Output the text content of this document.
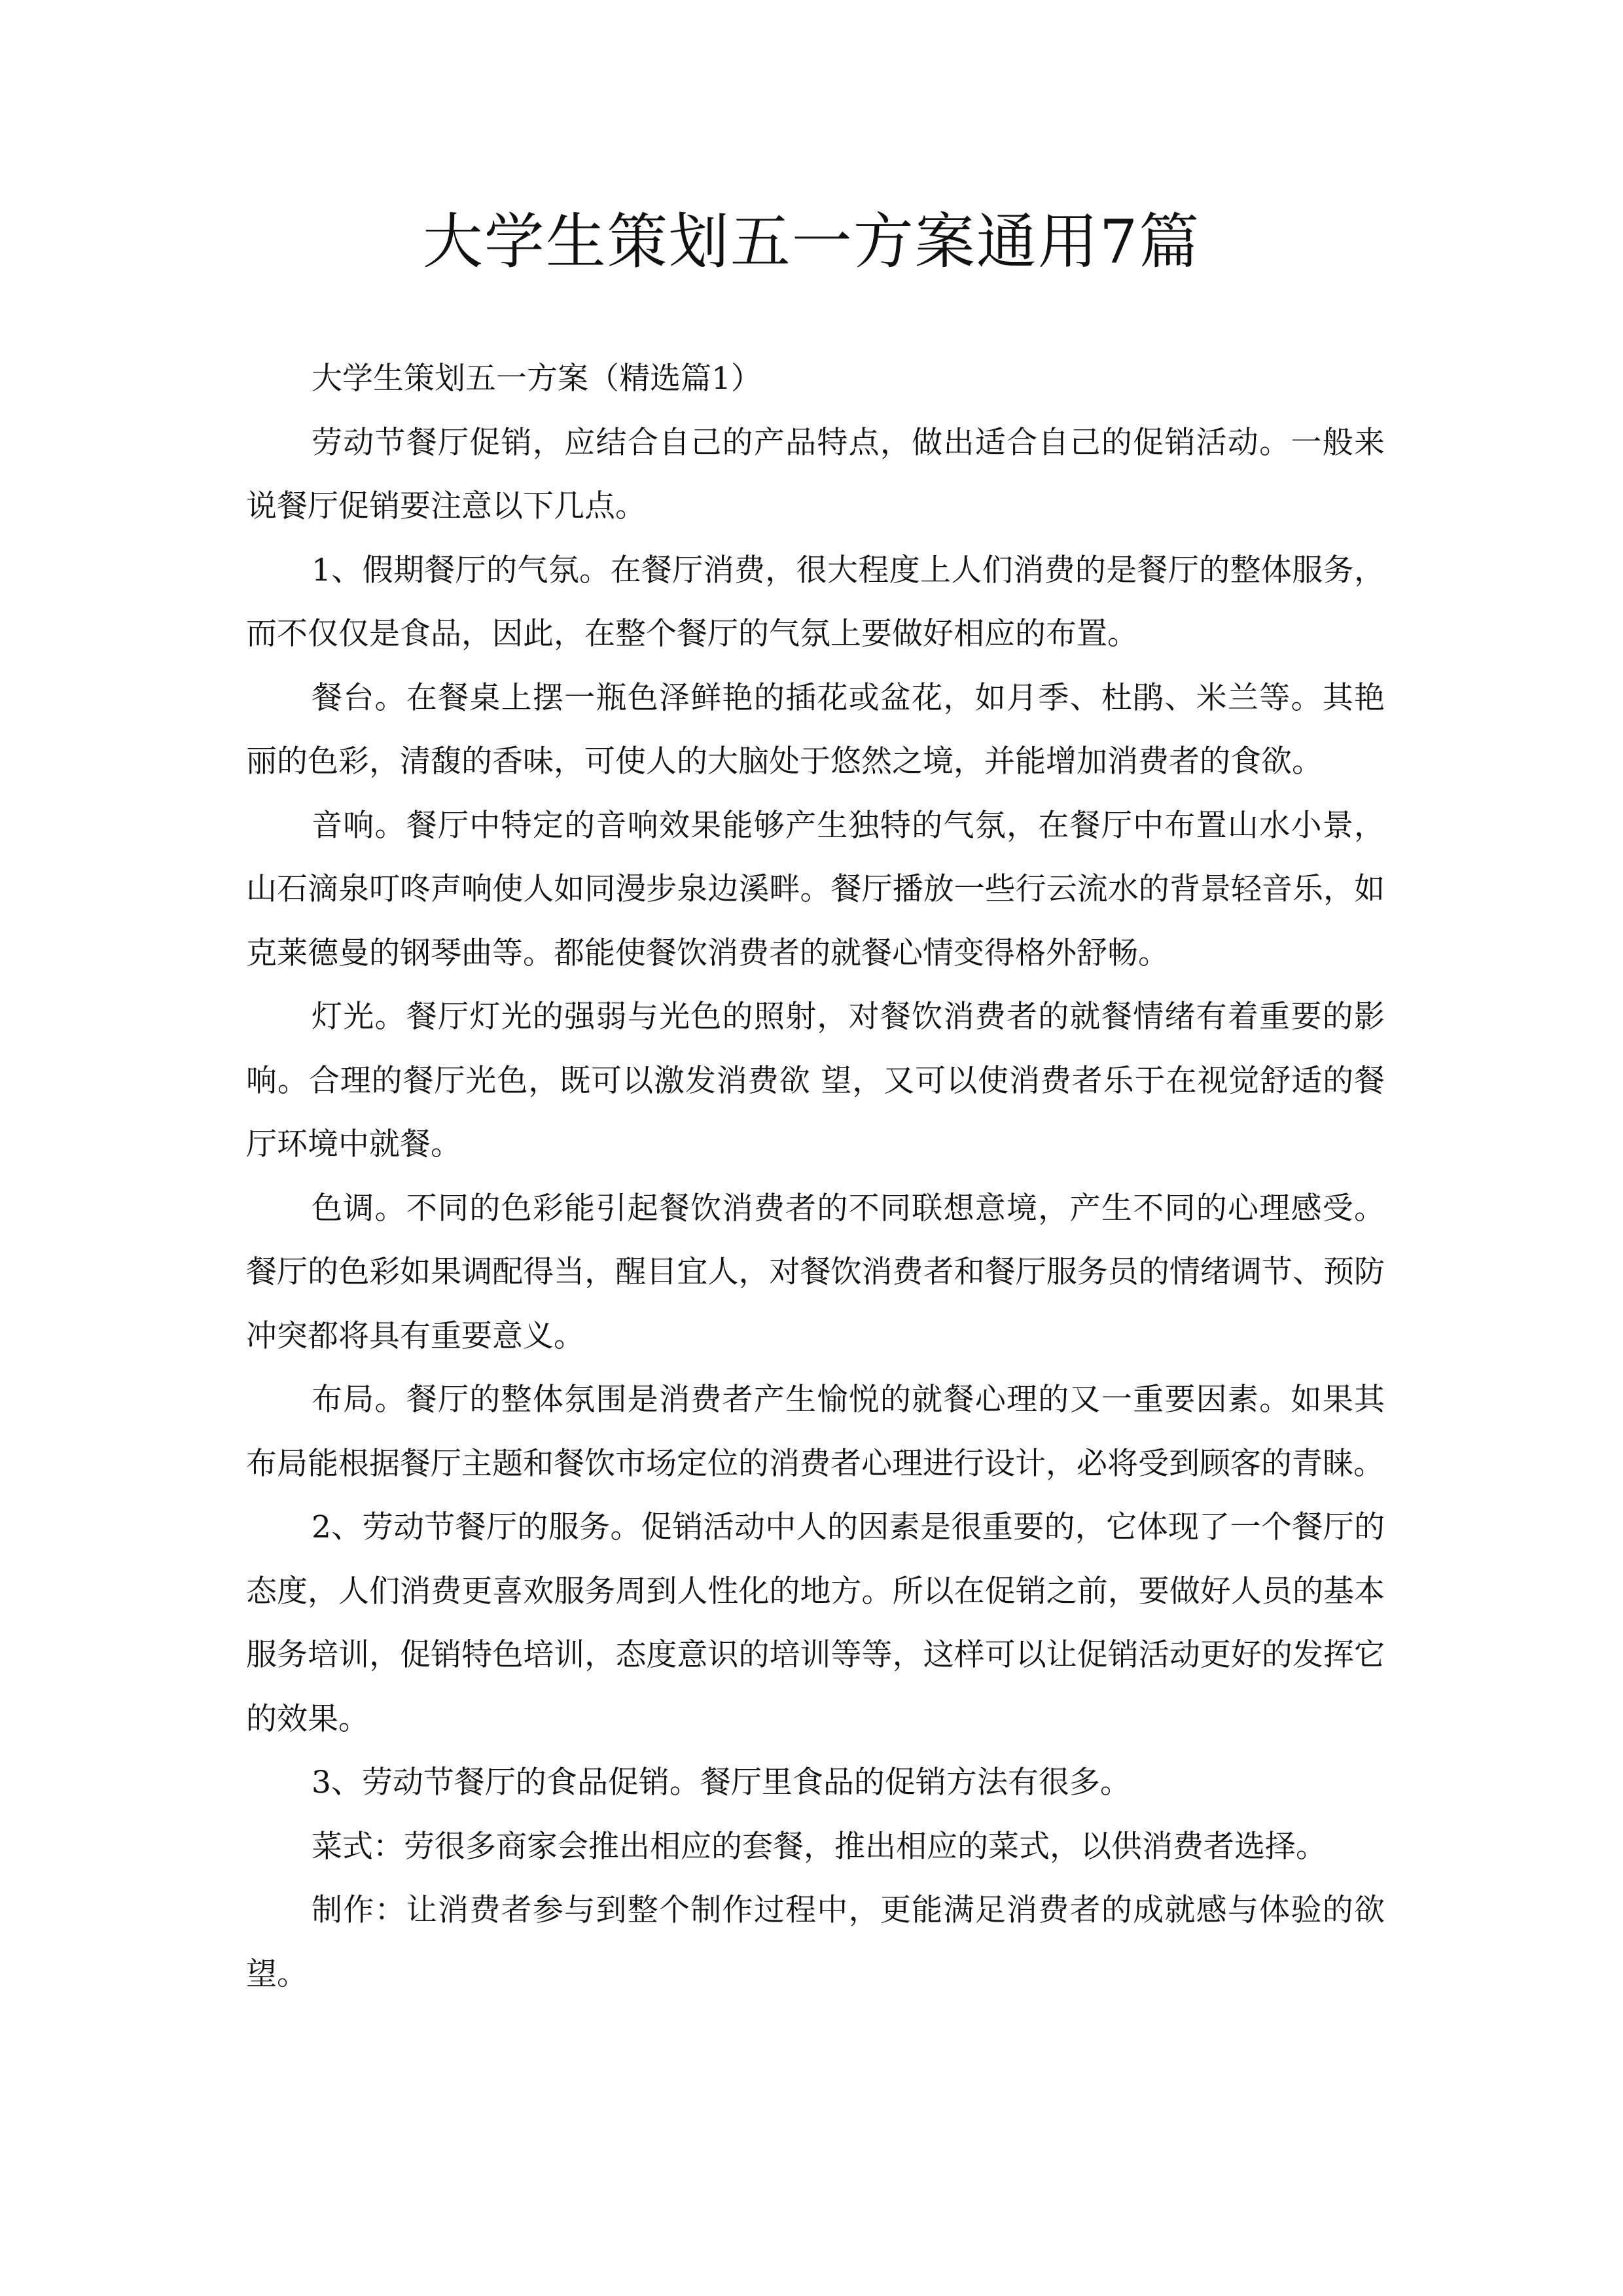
大学生策划五一方案通用7篇

大学生策划五一方案（精选篇1）

劳动节餐厅促销，应结合自己的产品特点，做出适合自己的促销活动。一般来说餐厅促销要注意以下几点。

1、假期餐厅的气氛。在餐厅消费，很大程度上人们消费的是餐厅的整体服务，而不仅仅是食品，因此，在整个餐厅的气氛上要做好相应的布置。

餐台。在餐桌上摆一瓶色泽鲜艳的插花或盆花，如月季、杜鹃、米兰等。其艳丽的色彩，清馥的香味，可使人的大脑处于悠然之境，并能增加消费者的食欲。

音响。餐厅中特定的音响效果能够产生独特的气氛，在餐厅中布置山水小景，山石滴泉叮咚声响使人如同漫步泉边溪畔。餐厅播放一些行云流水的背景轻音乐，如克莱德曼的钢琴曲等。都能使餐饮消费者的就餐心情变得格外舒畅。

灯光。餐厅灯光的强弱与光色的照射，对餐饮消费者的就餐情绪有着重要的影响。合理的餐厅光色，既可以激发消费欲 望，又可以使消费者乐于在视觉舒适的餐厅环境中就餐。

色调。不同的色彩能引起餐饮消费者的不同联想意境，产生不同的心理感受。餐厅的色彩如果调配得当，醒目宜人，对餐饮消费者和餐厅服务员的情绪调节、预防冲突都将具有重要意义。

布局。餐厅的整体氛围是消费者产生愉悦的就餐心理的又一重要因素。如果其布局能根据餐厅主题和餐饮市场定位的消费者心理进行设计，必将受到顾客的青睐。

2、劳动节餐厅的服务。促销活动中人的因素是很重要的，它体现了一个餐厅的态度，人们消费更喜欢服务周到人性化的地方。所以在促销之前，要做好人员的基本服务培训，促销特色培训，态度意识的培训等等，这样可以让促销活动更好的发挥它的效果。

3、劳动节餐厅的食品促销。餐厅里食品的促销方法有很多。

菜式：劳很多商家会推出相应的套餐，推出相应的菜式，以供消费者选择。

制作：让消费者参与到整个制作过程中，更能满足消费者的成就感与体验的欲 望。
